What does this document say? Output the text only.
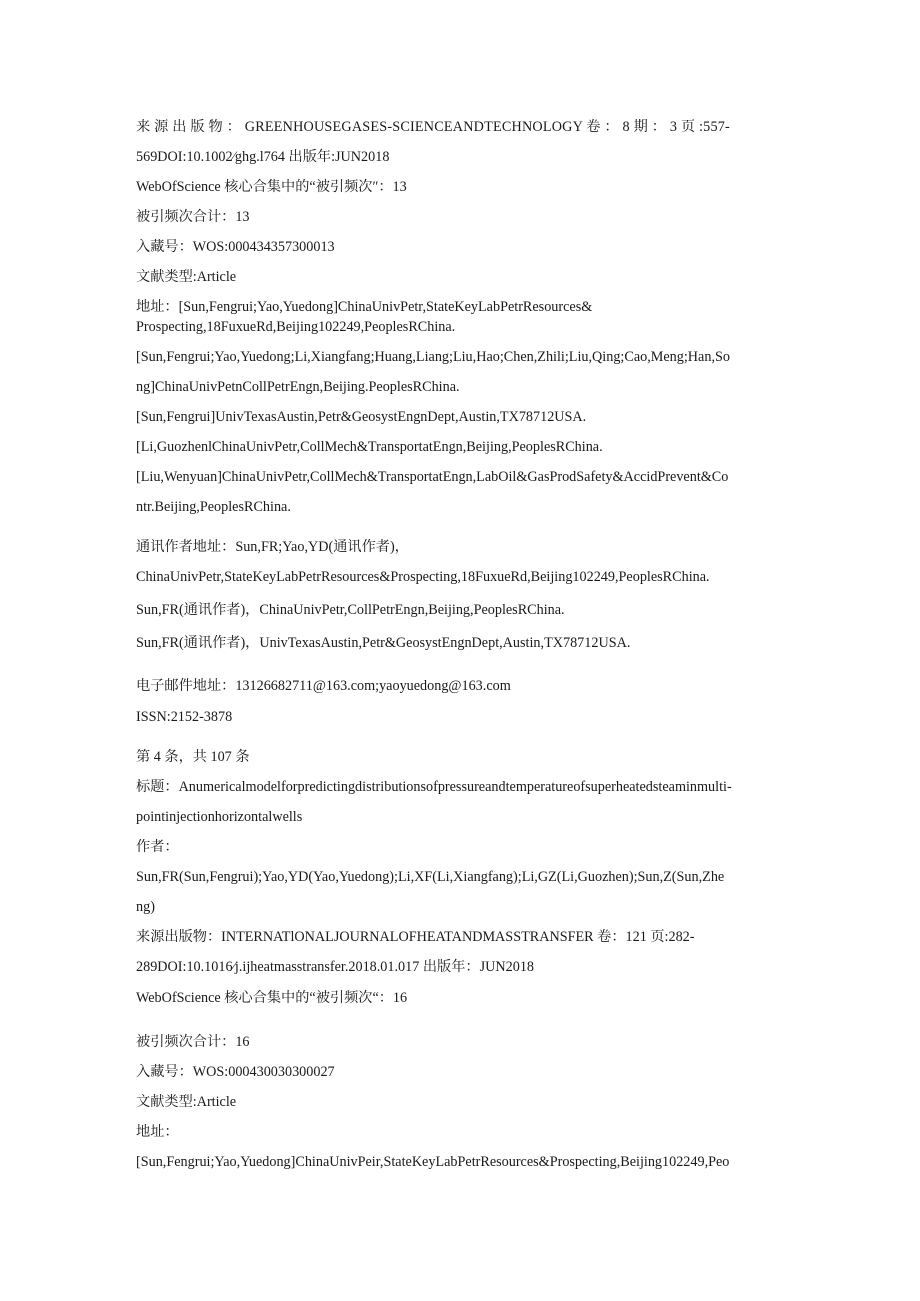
来 源 出 版 物 ： GREENHOUSEGASES-SCIENCEANDTECHNOLOGY 卷 ： 8 期 ： 3 页 :557-
569DOI:10.1002⁄ghg.l764 出版年:JUN2018
WebOfScience 核心合集中的“被引频次″：13
被引频次合计：13
入藏号：WOS:000434357300013
文献类型:Article
地址：[Sun,Fengrui;Yao,Yuedong]ChinaUnivPetr,StateKeyLabPetrResources&
Prospecting,18FuxueRd,Beijing102249,PeoplesRChina.
[Sun,Fengrui;Yao,Yuedong;Li,Xiangfang;Huang,Liang;Liu,Hao;Chen,Zhili;Liu,Qing;Cao,Meng;Han,So
ng]ChinaUnivPetnCollPetrEngn,Beijing.PeoplesRChina.
[Sun,Fengrui]UnivTexasAustin,Petr&GeosystEngnDept,Austin,TX78712USA.
[Li,GuozhenlChinaUnivPetr,CollMech&TransportatEngn,Beijing,PeoplesRChina.
[Liu,Wenyuan]ChinaUnivPetr,CollMech&TransportatEngn,LabOil&GasProdSafety&AccidPrevent&Co
ntr.Beijing,PeoplesRChina.
通讯作者地址：Sun,FR;Yao,YD(通讯作者)，
ChinaUnivPetr,StateKeyLabPetrResources&Prospecting,18FuxueRd,Beijing102249,PeoplesRChina.
Sun,FR(通讯作者)，ChinaUnivPetr,CollPetrEngn,Beijing,PeoplesRChina.
Sun,FR(通讯作者)，UnivTexasAustin,Petr&GeosystEngnDept,Austin,TX78712USA.
电子邮件地址：13126682711@163.com;yaoyuedong@163.com
ISSN:2152-3878
第 4 条，共 107 条
标题：Anumericalmodelforpredictingdistributionsofpressureandtemperatureofsuperheatedsteaminmulti-
pointinjectionhorizontalwells
作者：
Sun,FR(Sun,Fengrui);Yao,YD(Yao,Yuedong);Li,XF(Li,Xiangfang);Li,GZ(Li,Guozhen);Sun,Z(Sun,Zhe
ng)
来源出版物：INTERNATlONALJOURNALOFHEATANDMASSTRANSFER 卷：121 页:282-
289DOI:10.1016∕j.ijheatmasstransfer.2018.01.017 出版年：JUN2018
WebOfScience 核心合集中的“被引频次“：16
被引频次合计：16
入藏号：WOS:000430030300027
文献类型:Article
地址：
[Sun,Fengrui;Yao,Yuedong]ChinaUnivPeir,StateKeyLabPetrResources&Prospecting,Beijing102249,Peo
